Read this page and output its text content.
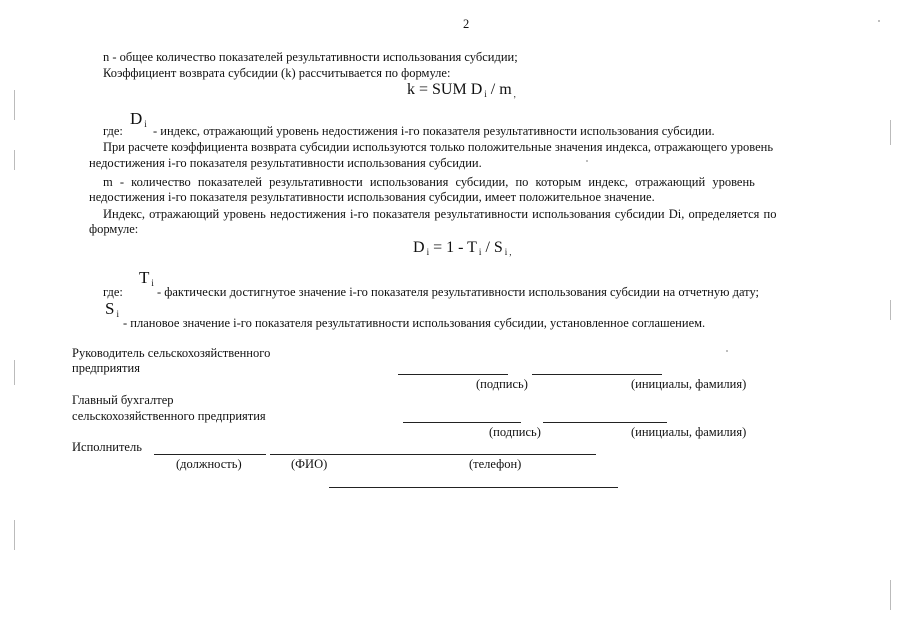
2
n - общее количество показателей результативности использования субсидии;
Коэффициент возврата субсидии (k) рассчитывается по формуле:
k = SUM D i / m ,
где:
Di - индекс, отражающий уровень недостижения i-го показателя результативности использования субсидии.
При расчете коэффициента возврата субсидии используются только положительные значения индекса, отражающего уровень
недостижения i-го показателя результативности использования субсидии.
m - количество показателей результативности использования субсидии, по которым индекс, отражающий уровень
недостижения i-го показателя результативности использования субсидии, имеет положительное значение.
Индекс, отражающий уровень недостижения i-го показателя результативности использования субсидии Di, определяется по
формуле:
Di = 1 - T i / S i ,
где:
Ti
- фактически достигнутое значение i-го показателя результативности использования субсидии на отчетную дату;
Si
- плановое значение i-го показателя результативности использования субсидии, установленное соглашением.
Руководитель сельскохозяйственного
предприятия
(подпись)	(инициалы, фамилия)
Главный бухгалтер
сельскохозяйственного предприятия
(подпись)	(инициалы, фамилия)
Исполнитель
(должность)	(ФИО)	(телефон)
